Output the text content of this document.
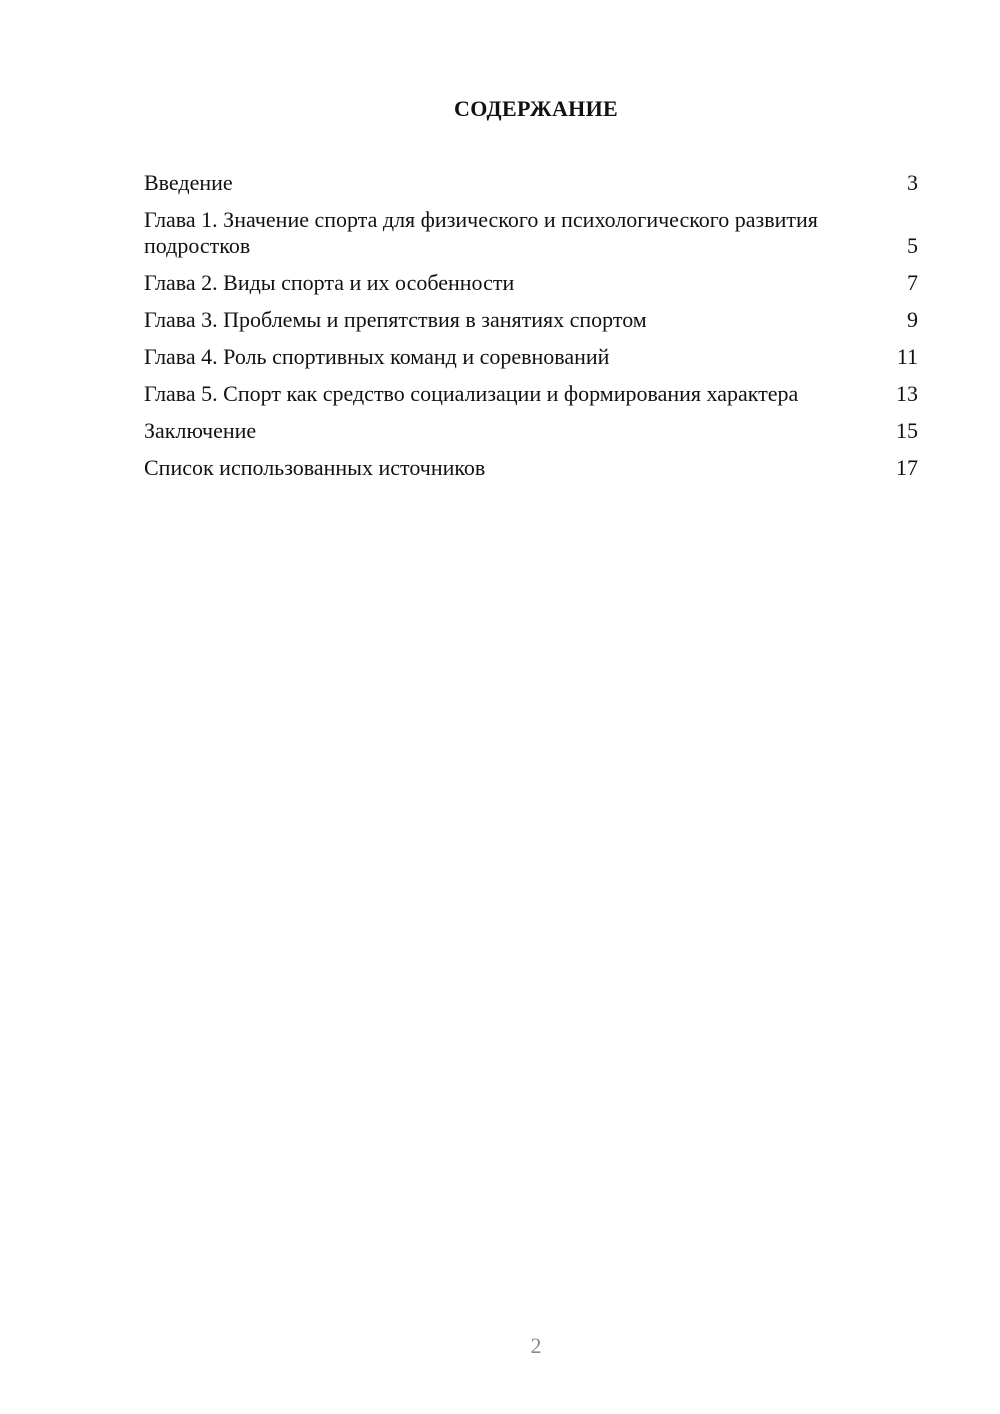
СОДЕРЖАНИЕ
Введение	3
Глава 1. Значение спорта для физического и психологического развития подростков	5
Глава 2. Виды спорта и их особенности	7
Глава 3. Проблемы и препятствия в занятиях спортом	9
Глава 4. Роль спортивных команд и соревнований	11
Глава 5. Спорт как средство социализации и формирования характера	13
Заключение	15
Список использованных источников	17
2
